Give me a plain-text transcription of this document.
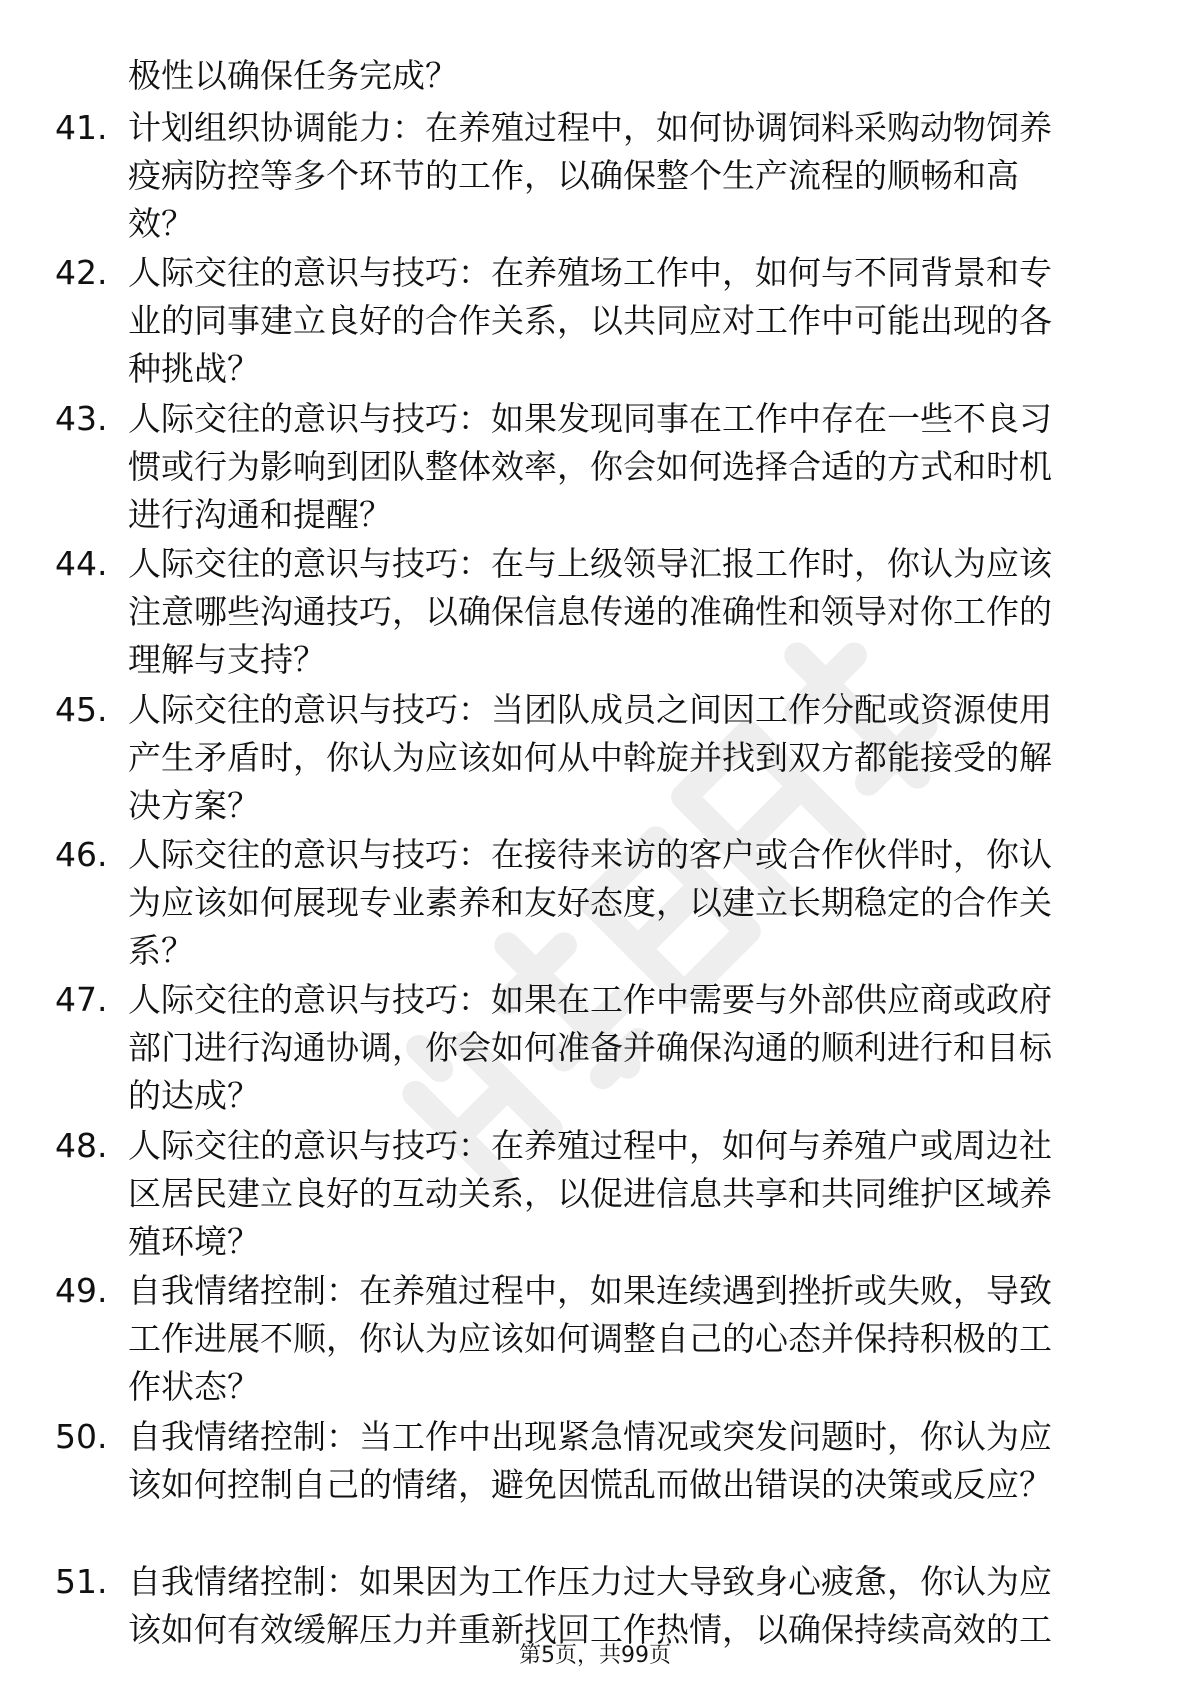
极性以确保任务完成？
41. 计划组织协调能力：在养殖过程中，如何协调饲料采购动物饲养
疫病防控等多个环节的工作，以确保整个生产流程的顺畅和高
效？
42. 人际交往的意识与技巧：在养殖场工作中，如何与不同背景和专
业的同事建立良好的合作关系，以共同应对工作中可能出现的各
种挑战？
43. 人际交往的意识与技巧：如果发现同事在工作中存在一些不良习
惯或行为影响到团队整体效率，你会如何选择合适的方式和时机
进行沟通和提醒？
44. 人际交往的意识与技巧：在与上级领导汇报工作时，你认为应该
注意哪些沟通技巧，以确保信息传递的准确性和领导对你工作的
理解与支持？
45. 人际交往的意识与技巧：当团队成员之间因工作分配或资源使用
产生矛盾时，你认为应该如何从中斡旋并找到双方都能接受的解
决方案？
46. 人际交往的意识与技巧：在接待来访的客户或合作伙伴时，你认
为应该如何展现专业素养和友好态度，以建立长期稳定的合作关
系？
47. 人际交往的意识与技巧：如果在工作中需要与外部供应商或政府
部门进行沟通协调，你会如何准备并确保沟通的顺利进行和目标
的达成？
48. 人际交往的意识与技巧：在养殖过程中，如何与养殖户或周边社
区居民建立良好的互动关系，以促进信息共享和共同维护区域养
殖环境？
49. 自我情绪控制：在养殖过程中，如果连续遇到挫折或失败，导致
工作进展不顺，你认为应该如何调整自己的心态并保持积极的工
作状态？
50. 自我情绪控制：当工作中出现紧急情况或突发问题时，你认为应
该如何控制自己的情绪，避免因慌乱而做出错误的决策或反应？
51. 自我情绪控制：如果因为工作压力过大导致身心疲惫，你认为应
该如何有效缓解压力并重新找回工作热情，以确保持续高效的工
第5页，共99页
